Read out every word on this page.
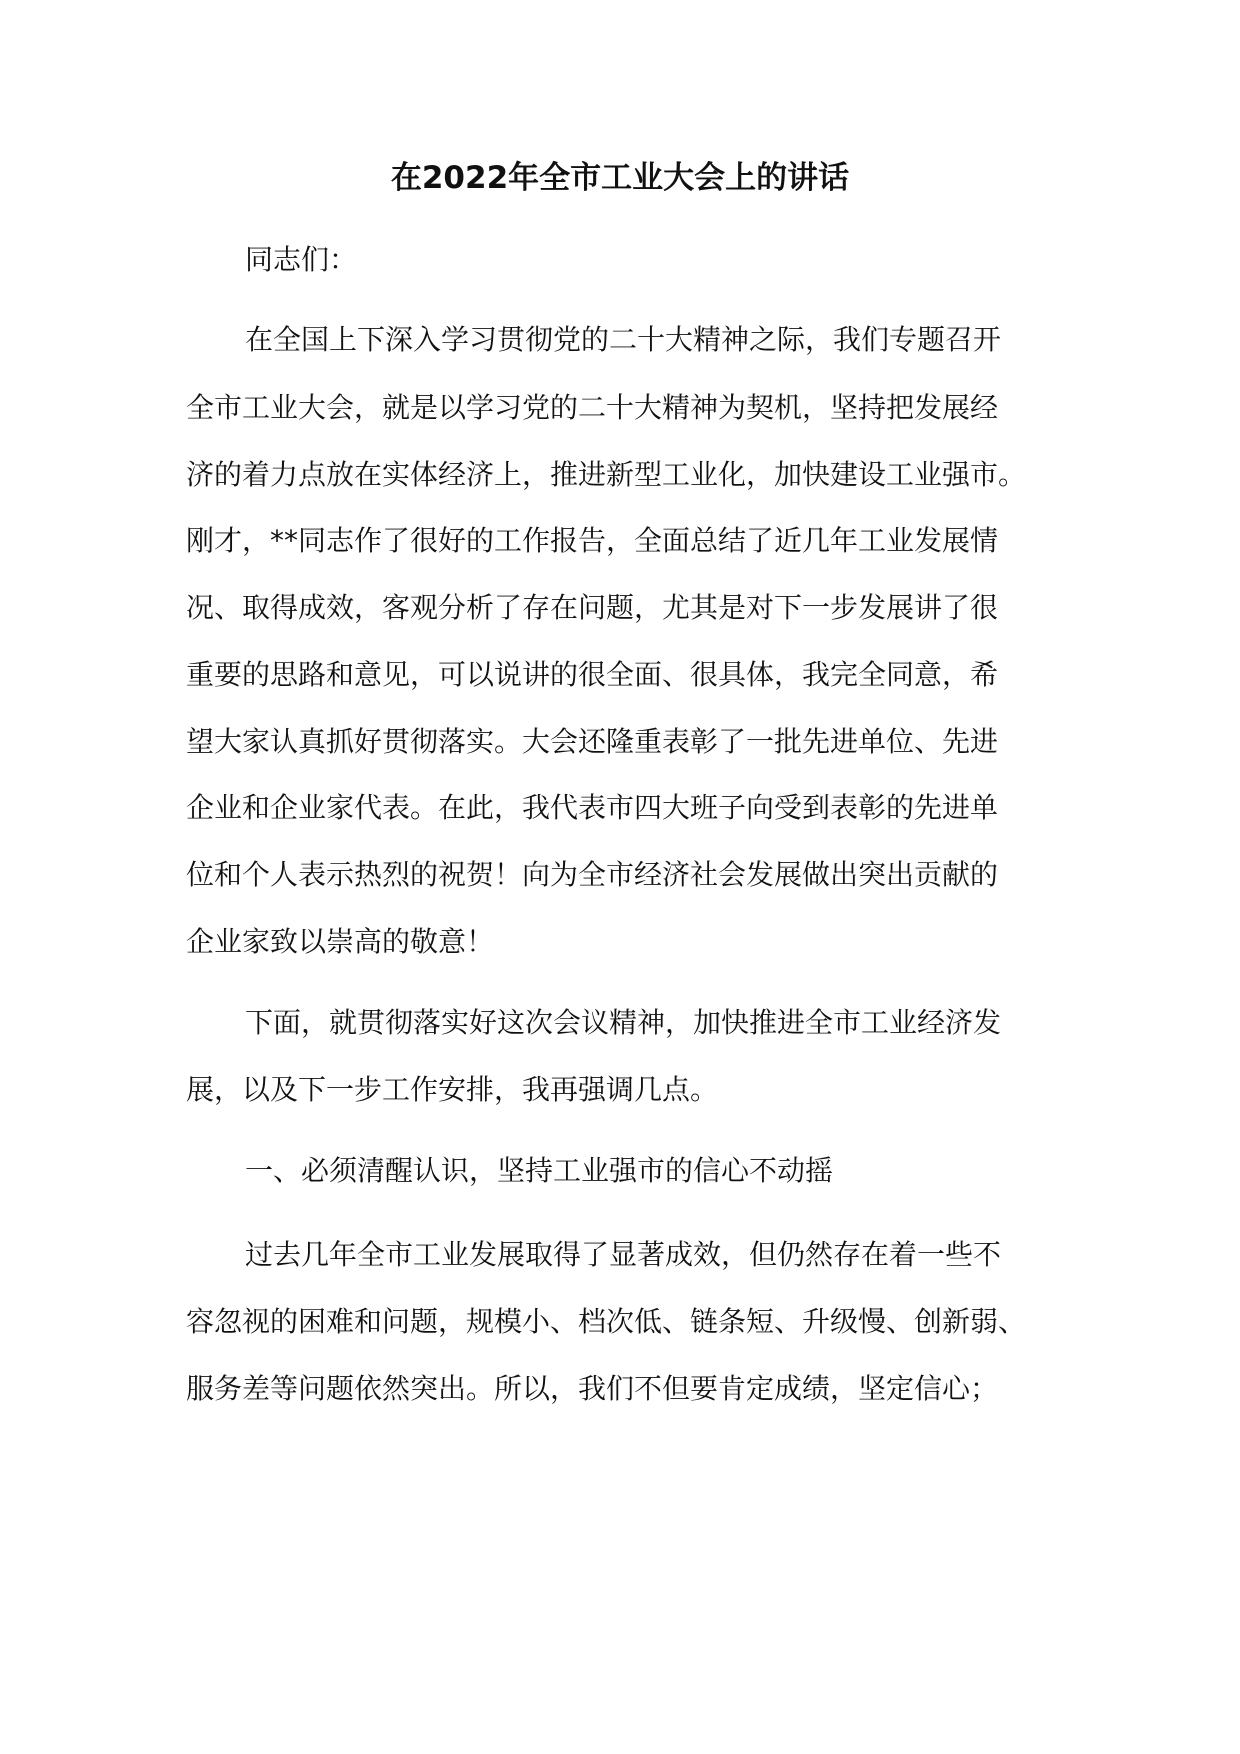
在2022年全市工业大会上的讲话
同志们：
在全国上下深入学习贯彻党的二十大精神之际，我们专题召开
全市工业大会，就是以学习党的二十大精神为契机，坚持把发展经
济的着力点放在实体经济上，推进新型工业化，加快建设工业强市。
刚才，**同志作了很好的工作报告，全面总结了近几年工业发展情
况、取得成效，客观分析了存在问题，尤其是对下一步发展讲了很
重要的思路和意见，可以说讲的很全面、很具体，我完全同意，希
望大家认真抓好贯彻落实。大会还隆重表彰了一批先进单位、先进
企业和企业家代表。在此，我代表市四大班子向受到表彰的先进单
位和个人表示热烈的祝贺！向为全市经济社会发展做出突出贡献的
企业家致以崇高的敬意！
下面，就贯彻落实好这次会议精神，加快推进全市工业经济发
展，以及下一步工作安排，我再强调几点。
一、必须清醒认识，坚持工业强市的信心不动摇
过去几年全市工业发展取得了显著成效，但仍然存在着一些不
容忽视的困难和问题，规模小、档次低、链条短、升级慢、创新弱、
服务差等问题依然突出。所以，我们不但要肯定成绩，坚定信心；
